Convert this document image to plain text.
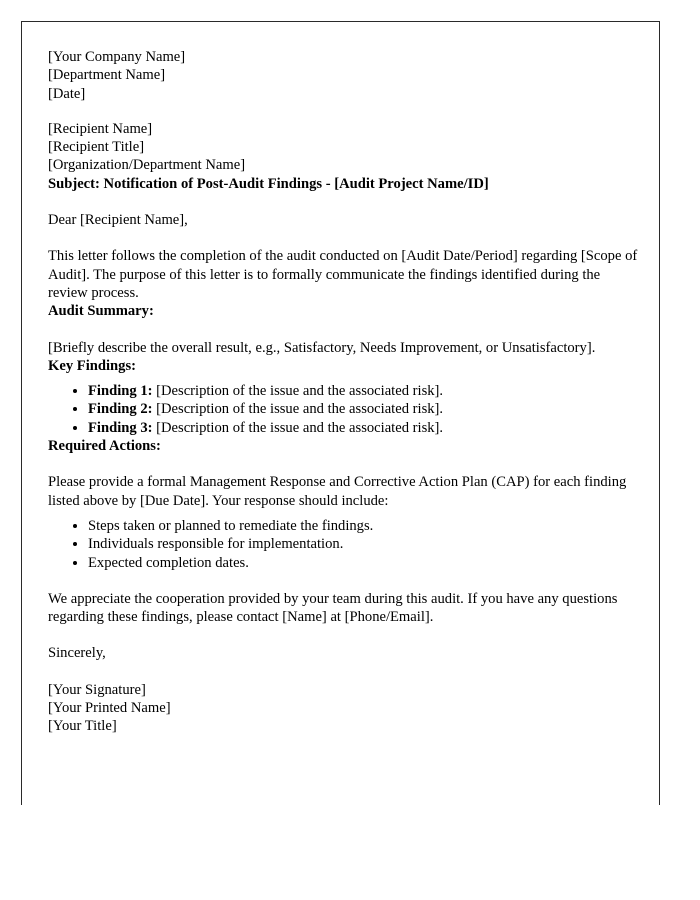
[Your Company Name]

[Department Name]

[Date]

[Recipient Name]

[Recipient Title]

[Organization/Department Name]

Subject: Notification of Post-Audit Findings - [Audit Project Name/ID]

Dear [Recipient Name],

This letter follows the completion of the audit conducted on [Audit Date/Period] regarding [Scope of Audit]. The purpose of this letter is to formally communicate the findings identified during the review process.

Audit Summary:

[Briefly describe the overall result, e.g., Satisfactory, Needs Improvement, or Unsatisfactory].

Key Findings:

• Finding 1: [Description of the issue and the associated risk].
• Finding 2: [Description of the issue and the associated risk].
• Finding 3: [Description of the issue and the associated risk].

Required Actions:

Please provide a formal Management Response and Corrective Action Plan (CAP) for each finding listed above by [Due Date]. Your response should include:

• Steps taken or planned to remediate the findings.
• Individuals responsible for implementation.
• Expected completion dates.

We appreciate the cooperation provided by your team during this audit. If you have any questions regarding these findings, please contact [Name] at [Phone/Email].

Sincerely,

[Your Signature]

[Your Printed Name]

[Your Title]
